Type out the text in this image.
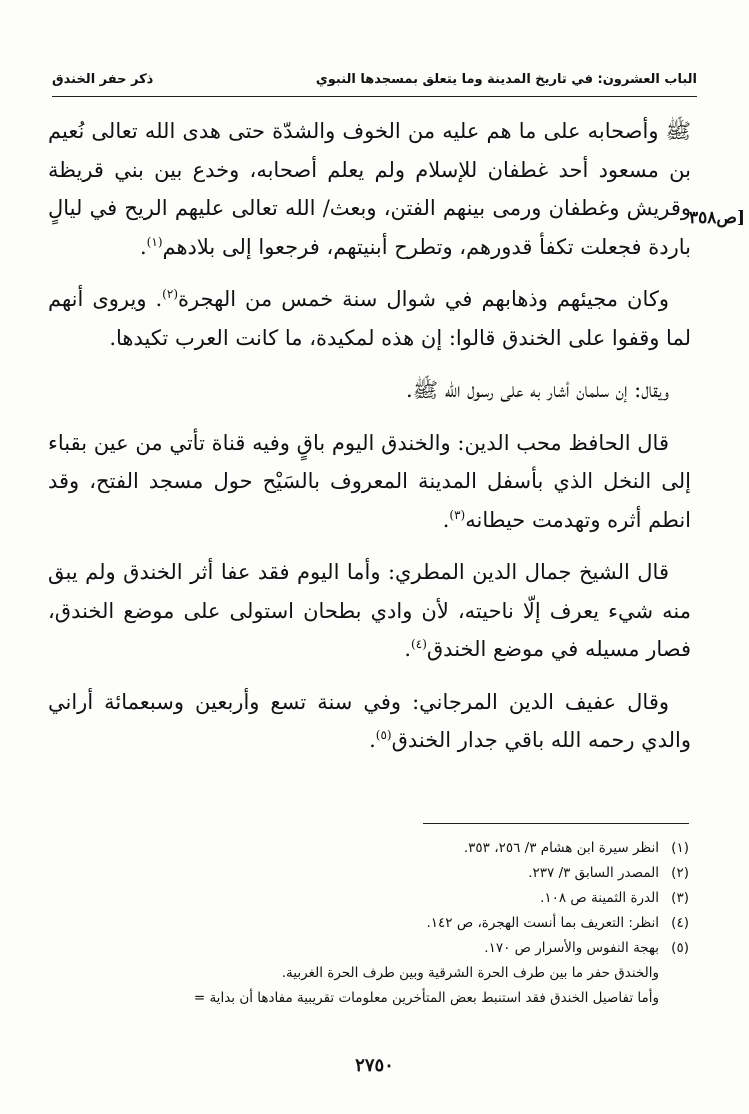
الباب العشرون: في تاريخ المدينة وما يتعلق بمسجدها النبوي
ذكر حفر الخندق
[ص٣٥٨

ﷺ وأصحابه على ما هم عليه من الخوف والشدّة حتى هدى الله تعالى نُعيم بن مسعود أحد غطفان للإسلام ولم يعلم أصحابه، وخدع بين بني قريظة وقريش وغطفان ورمى بينهم الفتن، وبعث/ الله تعالى عليهم الريح في ليالٍ باردة فجعلت تكفأ قدورهم، وتطرح أبنيتهم، فرجعوا إلى بلادهم$^{(١)}$.

وكان مجيئهم وذهابهم في شوال سنة خمس من الهجرة$^{(٢)}$. ويروى أنهم لما وقفوا على الخندق قالوا: إن هذه لمكيدة، ما كانت العرب تكيدها.

ويقال: إن سلمان أشار به على رسول الله ﷺ.

قال الحافظ محب الدين: والخندق اليوم باقٍ وفيه قناة تأتي من عين بقباء إلى النخل الذي بأسفل المدينة المعروف بالسَيْح حول مسجد الفتح، وقد انطم أثره وتهدمت حيطانه$^{(٣)}$.

قال الشيخ جمال الدين المطري: وأما اليوم فقد عفا أثر الخندق ولم يبق منه شيء يعرف إلّا ناحيته، لأن وادي بطحان استولى على موضع الخندق، فصار مسيله في موضع الخندق$^{(٤)}$.

وقال عفيف الدين المرجاني: وفي سنة تسع وأربعين وسبعمائة أراني والدي رحمه الله باقي جدار الخندق$^{(٥)}$.

(١)انظر سيرة ابن هشام ٣/ ٢٥٦، ٣٥٣.
(٢)المصدر السابق ٣/ ٢٣٧.
(٣)الدرة الثمينة ص ١٠٨.
(٤)انظر: التعريف بما أنست الهجرة، ص ١٤٢.
(٥)بهجة النفوس والأسرار ص ١٧٠.
والخندق حفر ما بين طرف الحرة الشرقية وبين طرف الحرة الغربية.
وأما تفاصيل الخندق فقد استنبط بعض المتأخرين معلومات تقريبية مفادها أن بداية =
٢٧٥٠
